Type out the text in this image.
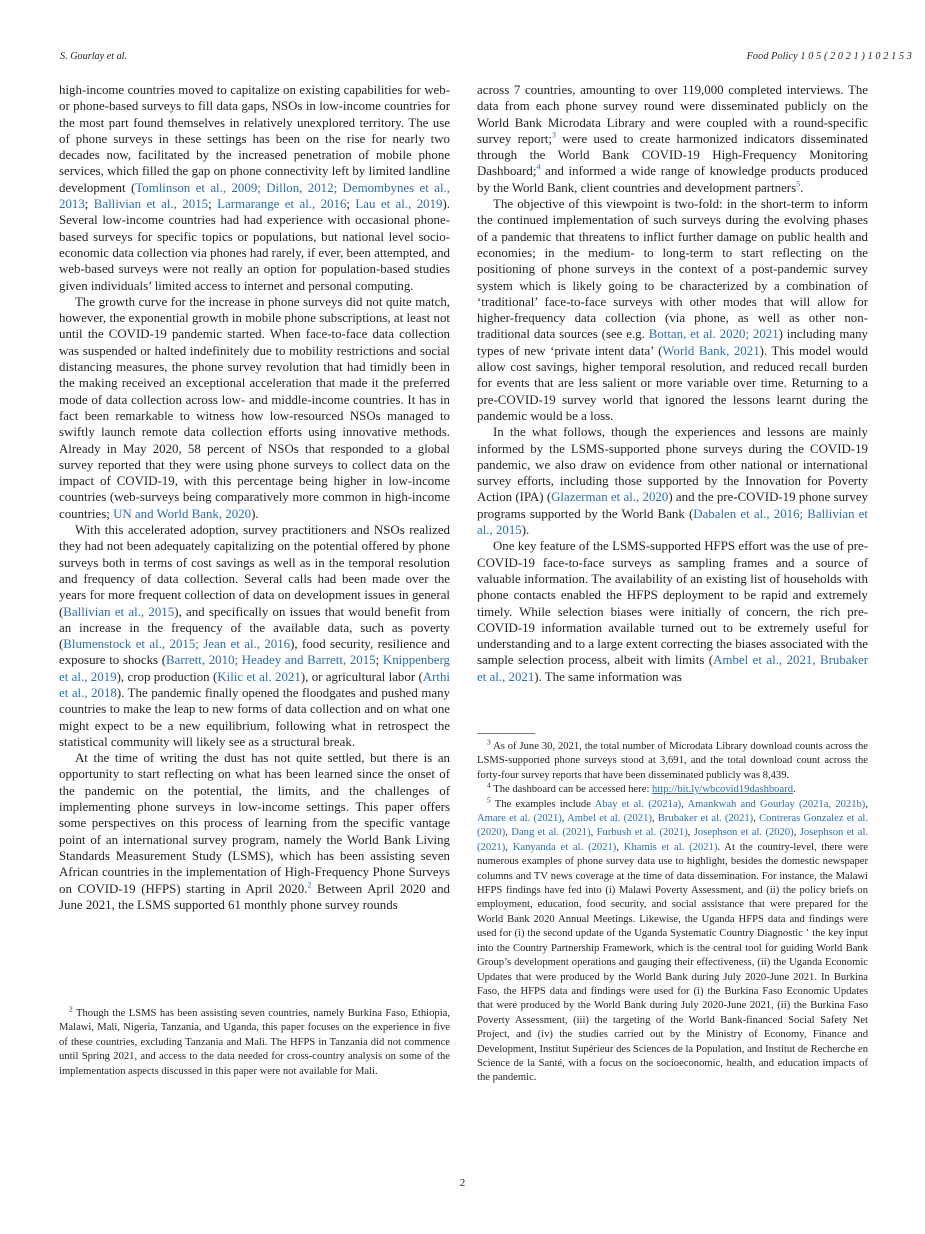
S. Gourlay et al.	Food Policy 1 0 5 ( 2 0 2 1 ) 1 0 2 1 5 3

high-income countries moved to capitalize on existing capabilities for web- or phone-based surveys to fill data gaps, NSOs in low-income countries for the most part found themselves in relatively unexplored territory. The use of phone surveys in these settings has been on the rise for nearly two decades now, facilitated by the increased penetration of mobile phone services, which filled the gap on phone connectivity left by limited landline development (Tomlinson et al., 2009; Dillon, 2012; Demombynes et al., 2013; Ballivian et al., 2015; Larmarange et al., 2016; Lau et al., 2019). Several low-income countries had had experience with occasional phone-based surveys for specific topics or populations, but national level socio-economic data collection via phones had rarely, if ever, been attempted, and web-based surveys were not really an option for population-based studies given individuals’ limited access to internet and personal computing.

The growth curve for the increase in phone surveys did not quite match, however, the exponential growth in mobile phone subscriptions, at least not until the COVID-19 pandemic started. When face-to-face data collection was suspended or halted indefinitely due to mobility restrictions and social distancing measures, the phone survey revolution that had timidly been in the making received an exceptional acceleration that made it the preferred mode of data collection across low- and middle-income countries. It has in fact been remarkable to witness how low-resourced NSOs managed to swiftly launch remote data collection efforts using innovative methods. Already in May 2020, 58 percent of NSOs that responded to a global survey reported that they were using phone surveys to collect data on the impact of COVID-19, with this percentage being higher in low-income countries (web-surveys being comparatively more common in high-income countries; UN and World Bank, 2020).

With this accelerated adoption, survey practitioners and NSOs realized they had not been adequately capitalizing on the potential offered by phone surveys both in terms of cost savings as well as in the temporal resolution and frequency of data collection. Several calls had been made over the years for more frequent collection of data on development issues in general (Ballivian et al., 2015), and specifically on issues that would benefit from an increase in the frequency of the available data, such as poverty (Blumenstock et al., 2015; Jean et al., 2016), food security, resilience and exposure to shocks (Barrett, 2010; Headey and Barrett, 2015; Knippenberg et al., 2019), crop production (Kilic et al. 2021), or agricultural labor (Arthi et al., 2018). The pandemic finally opened the floodgates and pushed many countries to make the leap to new forms of data collection and on what one might expect to be a new equilibrium, following what in retrospect the statistical community will likely see as a structural break.

At the time of writing the dust has not quite settled, but there is an opportunity to start reflecting on what has been learned since the onset of the pandemic on the potential, the limits, and the challenges of implementing phone surveys in low-income settings. This paper offers some perspectives on this process of learning from the specific vantage point of an international survey program, namely the World Bank Living Standards Measurement Study (LSMS), which has been assisting seven African countries in the implementation of High-Frequency Phone Surveys on COVID-19 (HFPS) starting in April 2020.$^2$ Between April 2020 and June 2021, the LSMS supported 61 monthly phone survey rounds

across 7 countries, amounting to over 119,000 completed interviews. The data from each phone survey round were disseminated publicly on the World Bank Microdata Library and were coupled with a round-specific survey report;$^3$ were used to create harmonized indicators disseminated through the World Bank COVID-19 High-Frequency Monitoring Dashboard;$^4$ and informed a wide range of knowledge products produced by the World Bank, client countries and development partners$^5$.

The objective of this viewpoint is two-fold: in the short-term to inform the continued implementation of such surveys during the evolving phases of a pandemic that threatens to inflict further damage on public health and economies; in the medium- to long-term to start reflecting on the positioning of phone surveys in the context of a post-pandemic survey system which is likely going to be characterized by a combination of ‘traditional’ face-to-face surveys with other modes that will allow for higher-frequency data collection (via phone, as well as other non-traditional data sources (see e.g. Bottan, et al. 2020; 2021) including many types of new ‘private intent data’ (World Bank, 2021). This model would allow cost savings, higher temporal resolution, and reduced recall burden for events that are less salient or more variable over time. Returning to a pre-COVID-19 survey world that ignored the lessons learnt during the pandemic would be a loss.

In the what follows, though the experiences and lessons are mainly informed by the LSMS-supported phone surveys during the COVID-19 pandemic, we also draw on evidence from other national or international survey efforts, including those supported by the Innovation for Poverty Action (IPA) (Glazerman et al., 2020) and the pre-COVID-19 phone survey programs supported by the World Bank (Dabalen et al., 2016; Ballivian et al., 2015).

One key feature of the LSMS-supported HFPS effort was the use of pre-COVID-19 face-to-face surveys as sampling frames and a source of valuable information. The availability of an existing list of households with phone contacts enabled the HFPS deployment to be rapid and extremely timely. While selection biases were initially of concern, the rich pre-COVID-19 information available turned out to be extremely useful for understanding and to a large extent correcting the biases associated with the sample selection process, albeit with limits (Ambel et al., 2021, Brubaker et al., 2021). The same information was

$^2$ Though the LSMS has been assisting seven countries, namely Burkina Faso, Ethiopia, Malawi, Mali, Nigeria, Tanzania, and Uganda, this paper focuses on the experience in five of these countries, excluding Tanzania and Mali. The HFPS in Tanzania did not commence until Spring 2021, and access to the data needed for cross-country analysis on some of the implementation aspects discussed in this paper were not available for Mali.

$^3$ As of June 30, 2021, the total number of Microdata Library download counts across the LSMS-supported phone surveys stood at 3,691, and the total download count across the forty-four survey reports that have been disseminated publicly was 8,439.

$^4$ The dashboard can be accessed here: http://bit.ly/wbcovid19dashboard.

$^5$ The examples include Abay et al. (2021a), Amankwah and Gourlay (2021a, 2021b), Amare et al. (2021), Ambel et al. (2021), Brubaker et al. (2021), Contreras Gonzalez et al. (2020), Dang et al. (2021), Furbush et al. (2021), Josephson et al. (2020), Josephson et al. (2021), Kanyanda et al. (2021), Khamis et al. (2021). At the country-level, there were numerous examples of phone survey data use to highlight, besides the domestic newspaper columns and TV news coverage at the time of data dissemination. For instance, the Malawi HFPS findings have fed into (i) Malawi Poverty Assessment, and (ii) the policy briefs on employment, education, food security, and social assistance that were prepared for the World Bank 2020 Annual Meetings. Likewise, the Uganda HFPS data and findings were used for (i) the second update of the Uganda Systematic Country Diagnostic ‛ the key input into the Country Partnership Framework, which is the central tool for guiding World Bank Group’s development operations and gauging their effectiveness, (ii) the Uganda Economic Updates that were produced by the World Bank during July 2020-June 2021. In Burkina Faso, the HFPS data and findings were used for (i) the Burkina Faso Economic Updates that were produced by the World Bank during July 2020-June 2021, (ii) the Burkina Faso Poverty Assessment, (iii) the targeting of the World Bank-financed Social Safety Net Project, and (iv) the studies carried out by the Ministry of Economy, Finance and Development, Institut Supérieur des Sciences de la Population, and Institut de Recherche en Science de la Santé, with a focus on the socioeconomic, health, and education impacts of the pandemic.

2
